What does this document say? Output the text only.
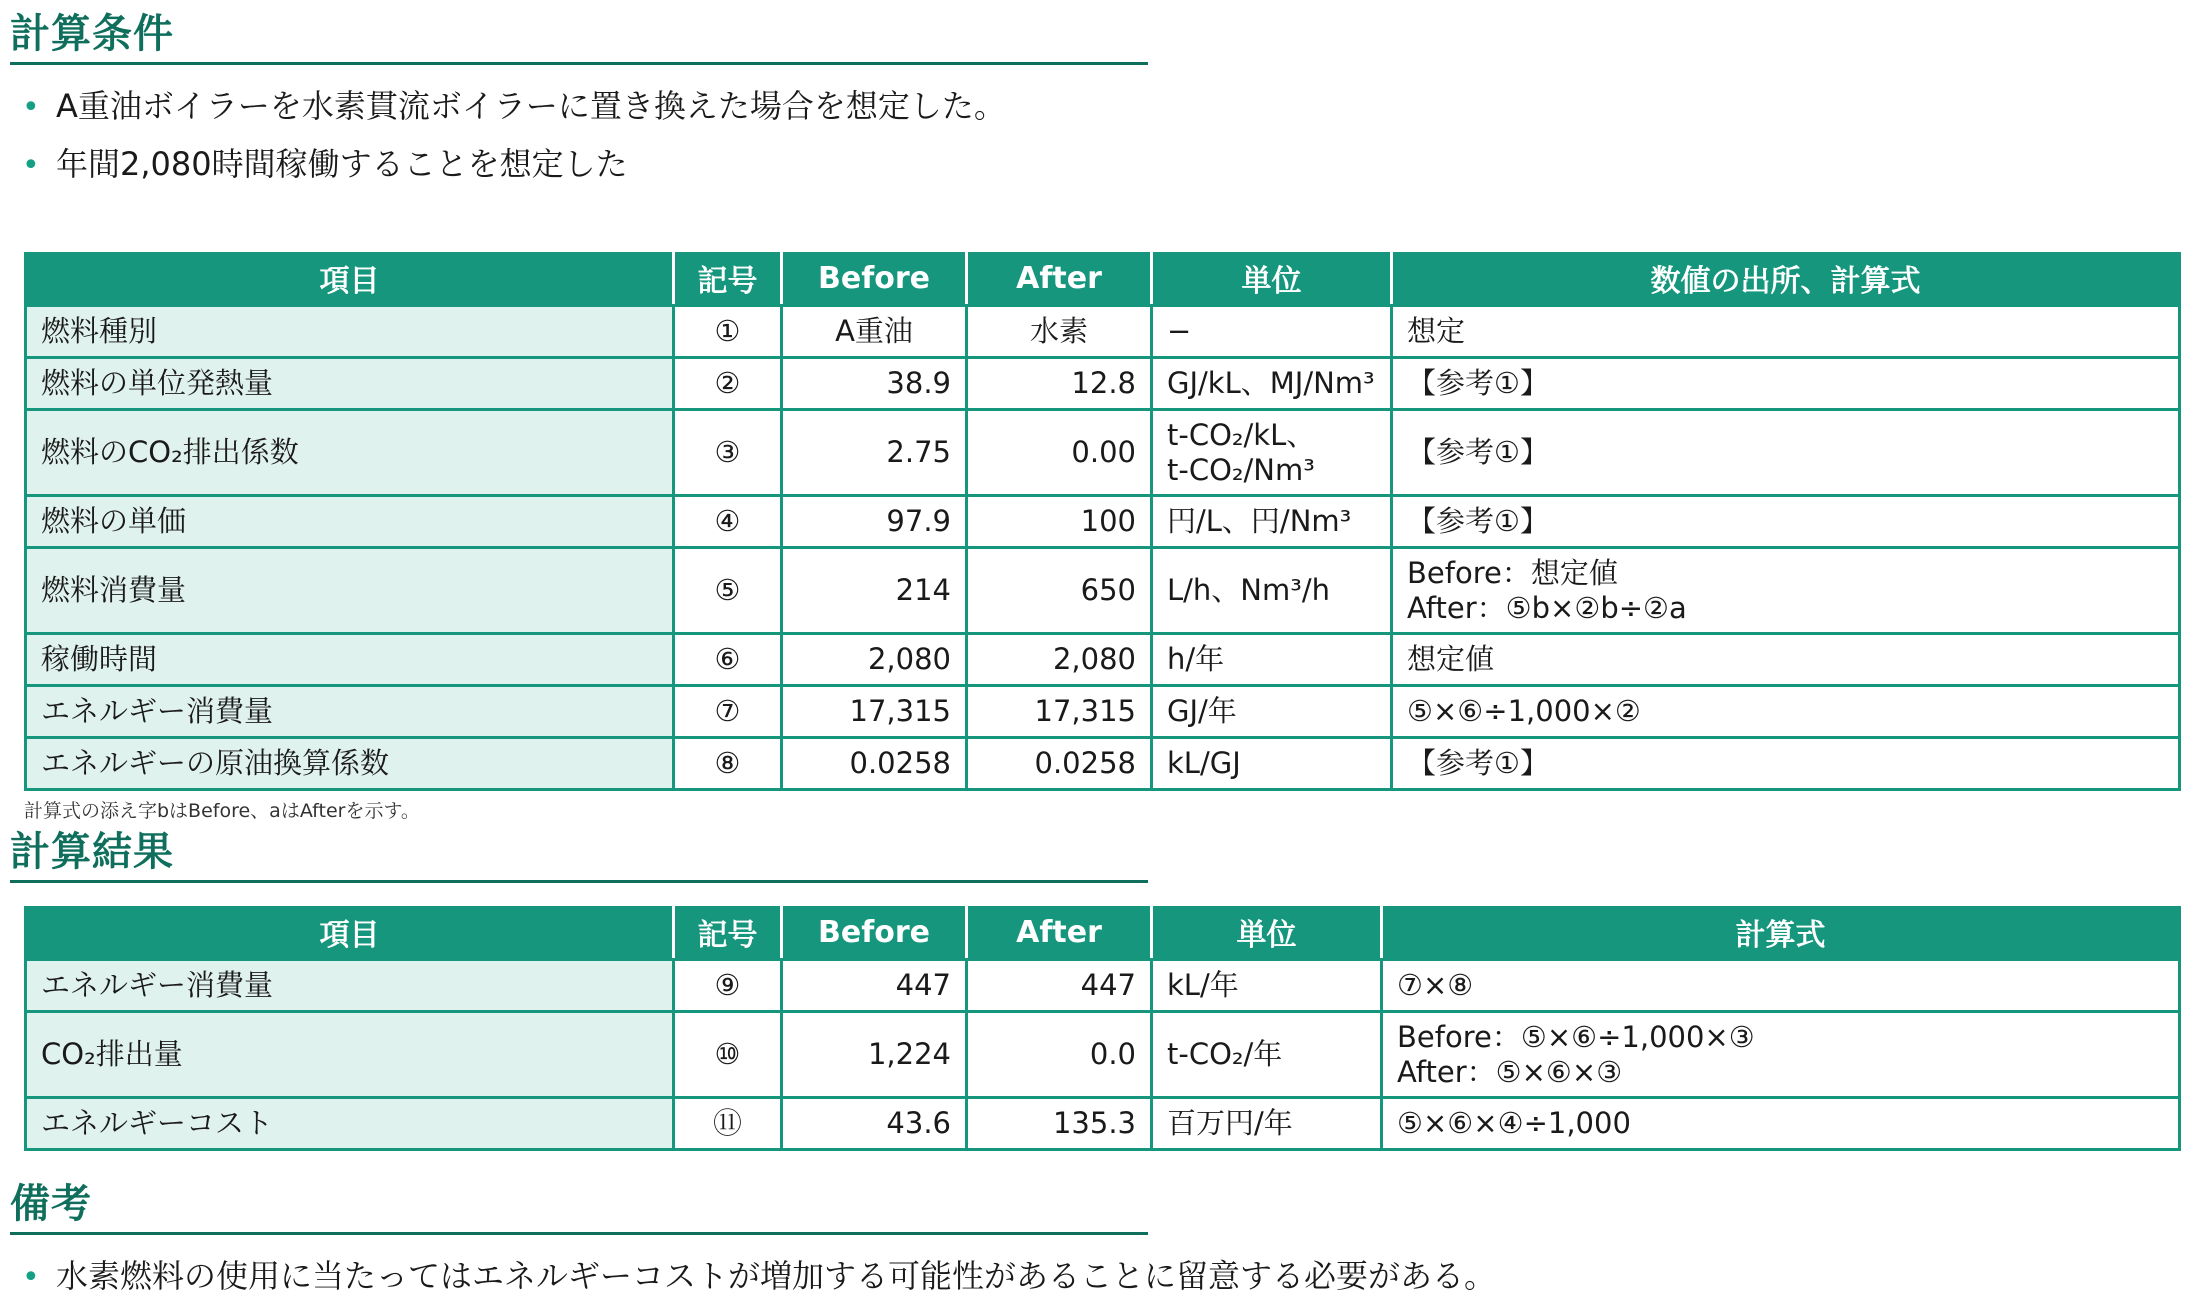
計算条件
• A重油ボイラーを水素貫流ボイラーに置き換えた場合を想定した。
• 年間2,080時間稼働することを想定した
項目	記号	Before	After	単位	数値の出所、計算式
燃料種別	①	A重油	水素	−	想定

燃料の単位発熱量	②	38.9	12.8	GJ/kL、MJ/Nm³	【参考①】

燃料のCO₂排出係数	③	2.75	0.00	t-CO₂/kL、
t-CO₂/Nm³	【参考①】

燃料の単価	④	97.9	100	円/L、円/Nm³	【参考①】

燃料消費量	⑤	214	650	L/h、Nm³/h	Before：想定値
After：⑤b×②b÷②a

稼働時間	⑥	2,080	2,080	h/年	想定値

エネルギー消費量	⑦	17,315	17,315	GJ/年	⑤×⑥÷1,000×②

エネルギーの原油換算係数	⑧	0.0258	0.0258	kL/GJ	【参考①】
計算式の添え字bはBefore、aはAfterを示す。
計算結果
項目	記号	Before	After	単位	計算式
エネルギー消費量	⑨	447	447	kL/年	⑦×⑧

CO₂排出量	⑩	1,224	0.0	t-CO₂/年	Before：⑤×⑥÷1,000×③
After：⑤×⑥×③

エネルギーコスト	⑪	43.6	135.3	百万円/年	⑤×⑥×④÷1,000
備考
• 水素燃料の使用に当たってはエネルギーコストが増加する可能性があることに留意する必要がある。
